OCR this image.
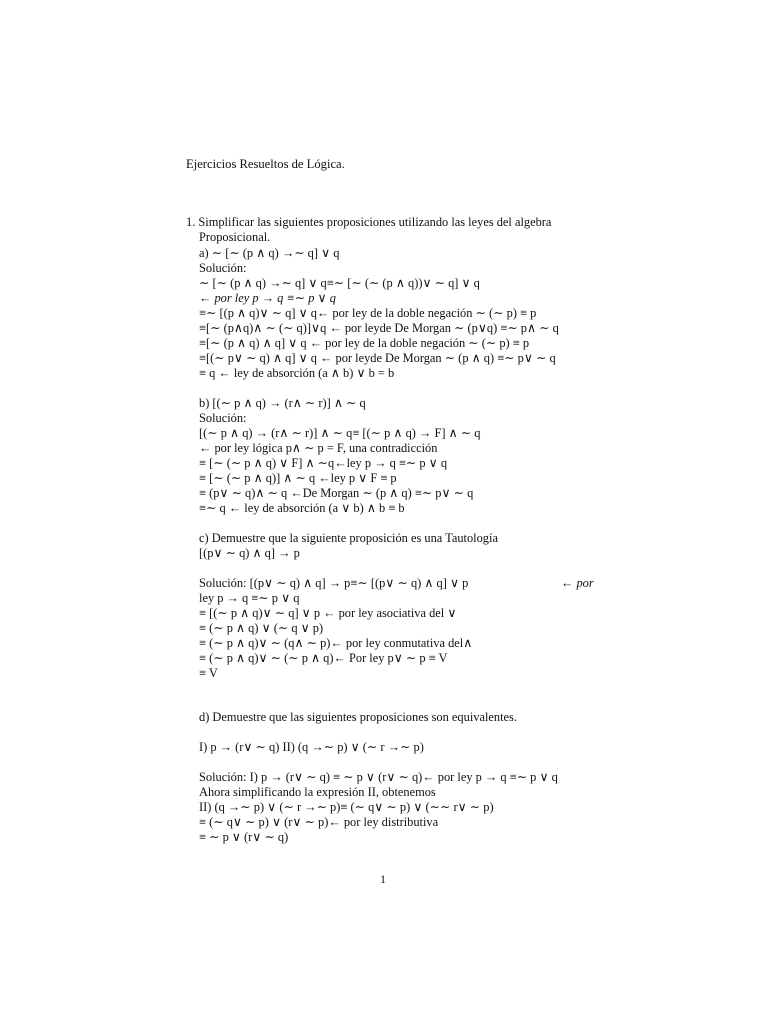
Ejercicios Resueltos de Lógica.
1. Simplificar las siguientes proposiciones utilizando las leyes del algebra
Proposicional.
a) ∼ [∼ (p ∧ q) →∼ q] ∨ q
Solución:
∼ [∼ (p ∧ q) →∼ q] ∨ q≡∼ [∼ (∼ (p ∧ q))∨ ∼ q] ∨ q
← por ley p → q ≡∼ p ∨ q
≡∼ [(p ∧ q)∨ ∼ q] ∨ q← por ley de la doble negación ∼ (∼ p) ≡ p
≡[∼ (p∧q)∧ ∼ (∼ q)]∨q ← por leyde De Morgan ∼ (p∨q) ≡∼ p∧ ∼ q
≡[∼ (p ∧ q) ∧ q] ∨ q ← por ley de la doble negación ∼ (∼ p) ≡ p
≡[(∼ p∨ ∼ q) ∧ q] ∨ q ← por leyde De Morgan ∼ (p ∧ q) ≡∼ p∨ ∼ q
≡ q ← ley de absorción (a ∧ b) ∨ b = b
b) [(∼ p ∧ q) → (r∧ ∼ r)] ∧ ∼ q
Solución:
[(∼ p ∧ q) → (r∧ ∼ r)] ∧ ∼ q≡ [(∼ p ∧ q) → F] ∧ ∼ q
← por ley lógica p∧ ∼ p = F, una contradicción
≡ [∼ (∼ p ∧ q) ∨ F] ∧ ∼q←ley p → q ≡∼ p ∨ q
≡ [∼ (∼ p ∧ q)] ∧ ∼ q ←ley p ∨ F ≡ p
≡ (p∨ ∼ q)∧ ∼ q ←De Morgan ∼ (p ∧ q) ≡∼ p∨ ∼ q
≡∼ q ← ley de absorción (a ∨ b) ∧ b ≡ b
c) Demuestre que la siguiente proposición es una Tautología
[(p∨ ∼ q) ∧ q] → p
Solución: [(p∨ ∼ q) ∧ q] → p≡∼ [(p∨ ∼ q) ∧ q] ∨ p	← por
ley p → q ≡∼ p ∨ q
≡ [(∼ p ∧ q)∨ ∼ q] ∨ p ← por ley asociativa del ∨
≡ (∼ p ∧ q) ∨ (∼ q ∨ p)
≡ (∼ p ∧ q)∨ ∼ (q∧ ∼ p)← por ley conmutativa del∧
≡ (∼ p ∧ q)∨ ∼ (∼ p ∧ q)← Por ley p∨ ∼ p ≡ V
≡ V
d) Demuestre que las siguientes proposiciones son equivalentes.
I) p → (r∨ ∼ q) II) (q →∼ p) ∨ (∼ r →∼ p)
Solución: I) p → (r∨ ∼ q) ≡ ∼ p ∨ (r∨ ∼ q)← por ley p → q ≡∼ p ∨ q
Ahora simplificando la expresión II, obtenemos
II) (q →∼ p) ∨ (∼ r →∼ p)≡ (∼ q∨ ∼ p) ∨ (∼∼ r∨ ∼ p)
≡ (∼ q∨ ∼ p) ∨ (r∨ ∼ p)← por ley distributiva
≡ ∼ p ∨ (r∨ ∼ q)
1
